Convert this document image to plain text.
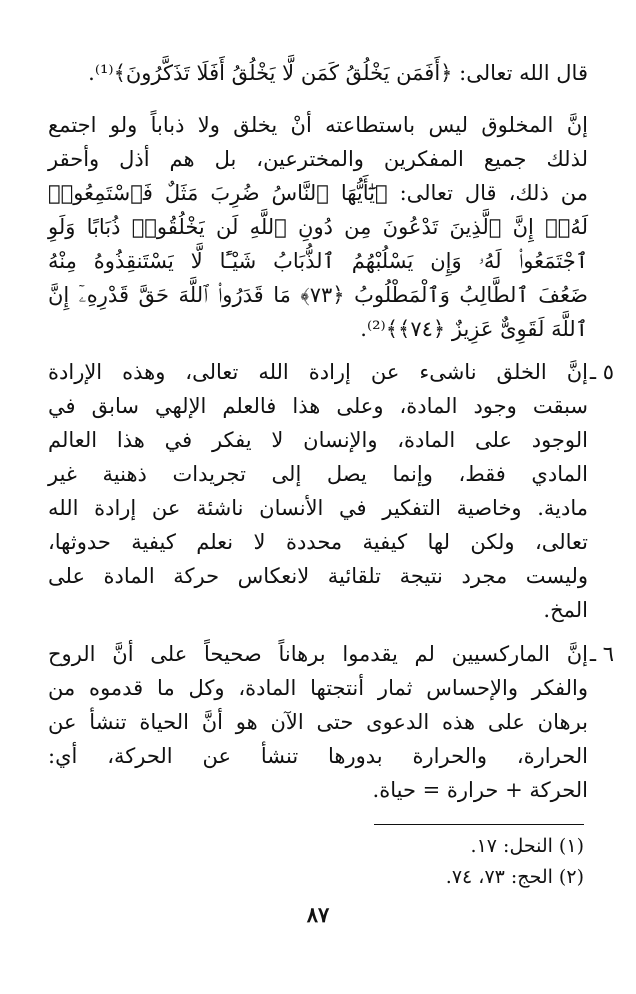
قال الله تعالى: ﴿أَفَمَن يَخْلُقُ كَمَن لَّا يَخْلُقُ أَفَلَا تَذَكَّرُونَ﴾⁽¹⁾.
إنَّ المخلوق ليس باستطاعته أنْ يخلق ولا ذباباً ولو اجتمع
لذلك جميع المفكرين والمخترعين، بل هم أذل وأحقر
من ذلك، قال تعالى: ﴿يَٰٓأَيُّهَا ٱلنَّاسُ ضُرِبَ مَثَلٌ فَٱسْتَمِعُوا۟
لَهُۥٓ إِنَّ ٱلَّذِينَ تَدْعُونَ مِن دُونِ ٱللَّهِ لَن يَخْلُقُوا۟ ذُبَابًا وَلَوِ
ٱجْتَمَعُوا۟ لَهُۥ وَإِن يَسْلُبْهُمُ ٱلذُّبَابُ شَيْـًٔا لَّا يَسْتَنقِذُوهُ مِنْهُ
ضَعُفَ ٱلطَّالِبُ وَٱلْمَطْلُوبُ ﴿٧٣﴾ مَا قَدَرُوا۟ ٱللَّهَ حَقَّ قَدْرِهِۦٓ إِنَّ
ٱللَّهَ لَقَوِىٌّ عَزِيزٌ ﴿٧٤﴾﴾⁽²⁾.
٥ ـ
إنَّ الخلق ناشىء عن إرادة الله تعالى، وهذه الإرادة
سبقت وجود المادة، وعلى هذا فالعلم الإلهي سابق في
الوجود على المادة، والإنسان لا يفكر في هذا العالم
المادي فقط، وإنما يصل إلى تجريدات ذهنية غير
مادية. وخاصية التفكير في الأنسان ناشئة عن إرادة الله
تعالى، ولكن لها كيفية محددة لا نعلم كيفية حدوثها،
وليست مجرد نتيجة تلقائية لانعكاس حركة المادة على
المخ.
٦ ـ
إنَّ الماركسيين لم يقدموا برهاناً صحيحاً على أنَّ الروح
والفكر والإحساس ثمار أنتجتها المادة، وكل ما قدموه من
برهان على هذه الدعوى حتى الآن هو أنَّ الحياة تنشأ عن
الحرارة، والحرارة بدورها تنشأ عن الحركة، أي:
الحركة + حرارة = حياة.
(١) النحل: ١٧.
(٢) الحج: ٧٣، ٧٤.
٨٧
